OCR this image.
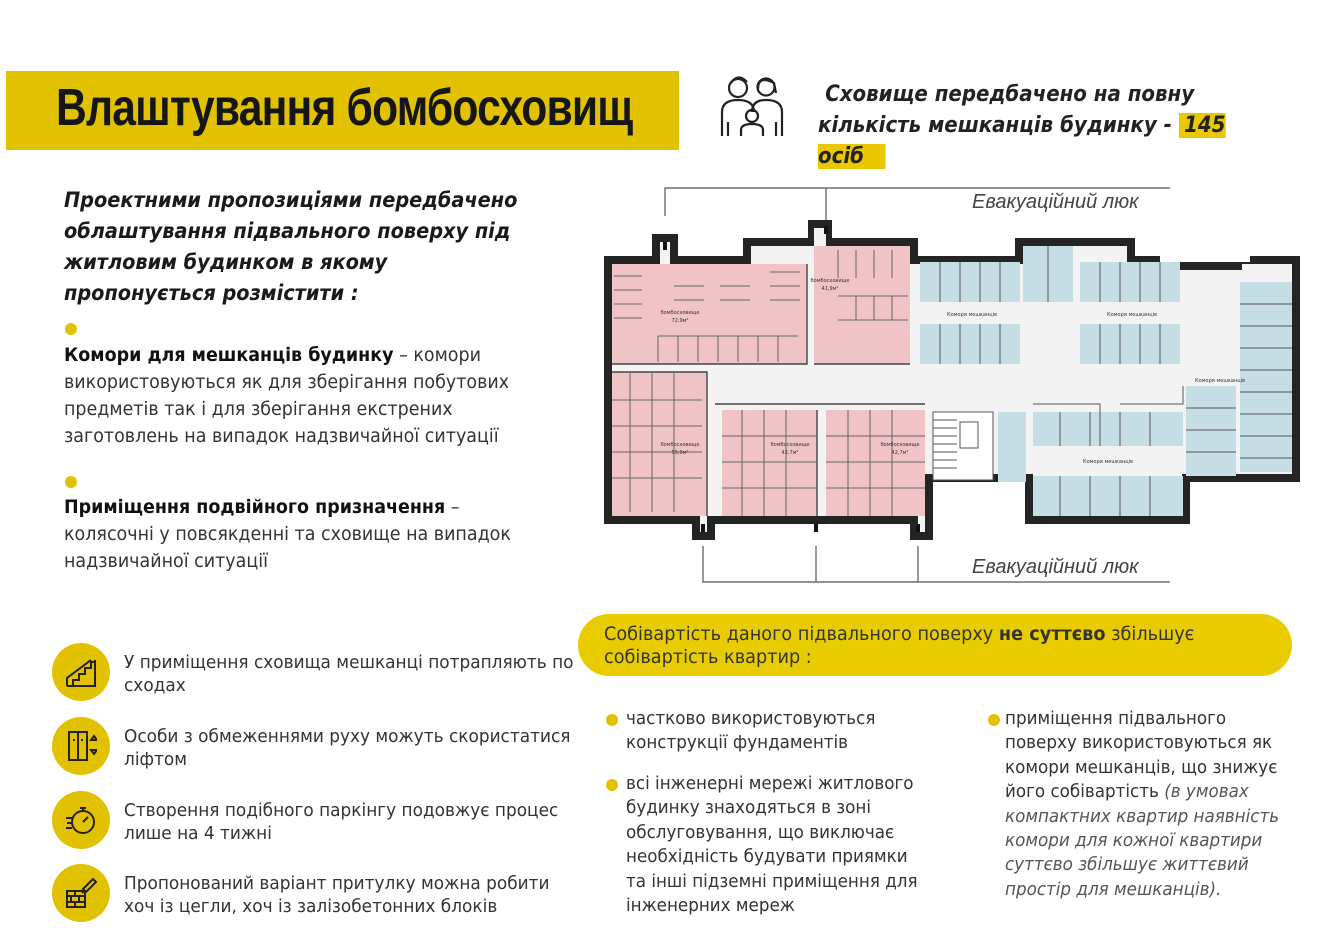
Влаштування бомбосховищ	Сховище передбачено на повну
кількість мешканців будинку - 145 осіб
Проектними пропозиціями передбачено облаштування підвального поверху під житловим будинком в якому пропонується розмістити :
Комори для мешканців будинку – комори використовуються як для зберігання побутових предметів так і для зберігання екстрених заготовлень на випадок надзвичайної ситуації
Приміщення подвійного призначення – колясочні у повсякденні та сховище на випадок надзвичайної ситуації
У приміщення сховища мешканці потрапляють по сходах
Особи з обмеженнями руху можуть скористатися ліфтом
Створення подібного паркінгу подовжує процес лише на 4 тижні
Пропонований варіант притулку можна робити хоч із цегли, хоч із залізобетонних блоків
бомбосховище
72,9м²
бомбосховище
41,9м²
бомбосховище
55,0м²
бомбосховище
42,7м²
бомбосховище
42,7м²
Комори мешканців	Комори мешканців
Комори мешканців
Комори мешканців
Евакуаційний люк
Евакуаційний люк
Собівартість даного підвального поверху не суттєво збільшує собівартість квартир :
частково використовуються конструкції фундаментів
всі інженерні мережі житлового будинку знаходяться в зоні обслуговування, що виключає необхідність будувати приямки та інші підземні приміщення для інженерних мереж
приміщення підвального поверху використовуються як комори мешканців, що знижує його собівартість (в умовах компактних квартир наявність комори для кожної квартири суттєво збільшує життєвий простір для мешканців).
